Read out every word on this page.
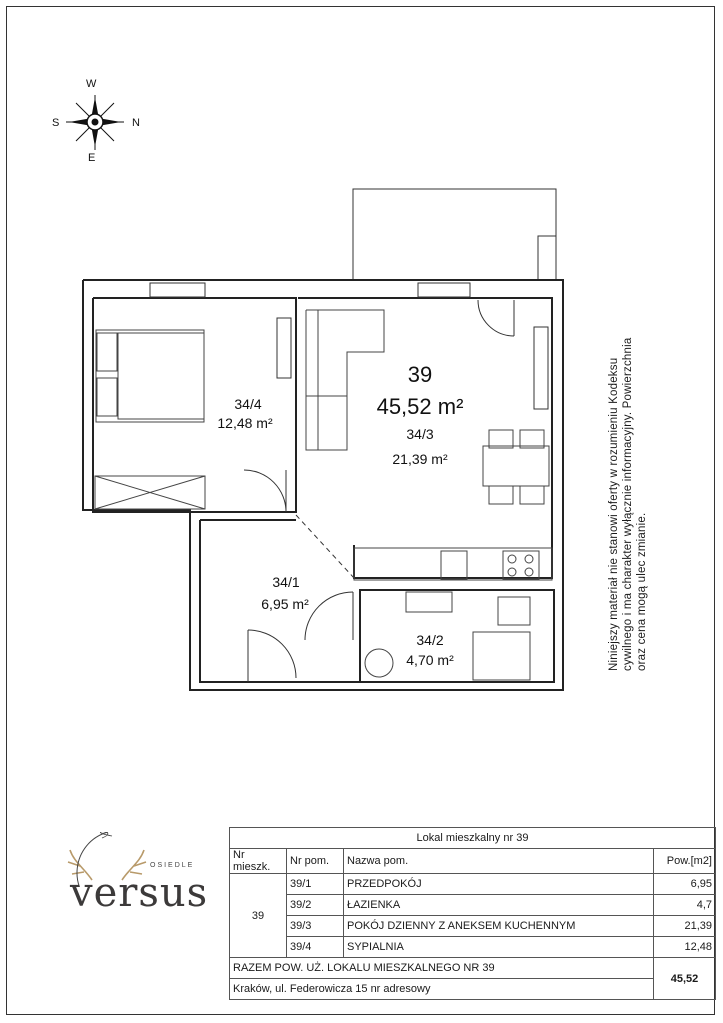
W
S	N
E
39
45,52 m²
34/3
21,39 m²
34/4
12,48 m²
34/1
6,95 m²
34/2
4,70 m²	Niniejszy materiał nie stanowi oferty w rozumieniu Kodeksu cywilnego i ma charakter wyłącznie informacyjny. Powierzchnia oraz cena mogą ulec zmianie.
OSIEDLE
versus
Lokal mieszkalny nr 39			
Nr mieszk.	Nr pom.	Nazwa pom.	Pow.[m2]
39	39/1	PRZEDPOKÓJ	6,95
	39/2	ŁAZIENKA	4,7
	39/3	POKÓJ DZIENNY Z ANEKSEM KUCHENNYM	21,39
	39/4	SYPIALNIA	12,48
RAZEM POW. UŻ. LOKALU MIESZKALNEGO NR 39			45,52
Kraków, ul. Federowicza 15 nr adresowy			
